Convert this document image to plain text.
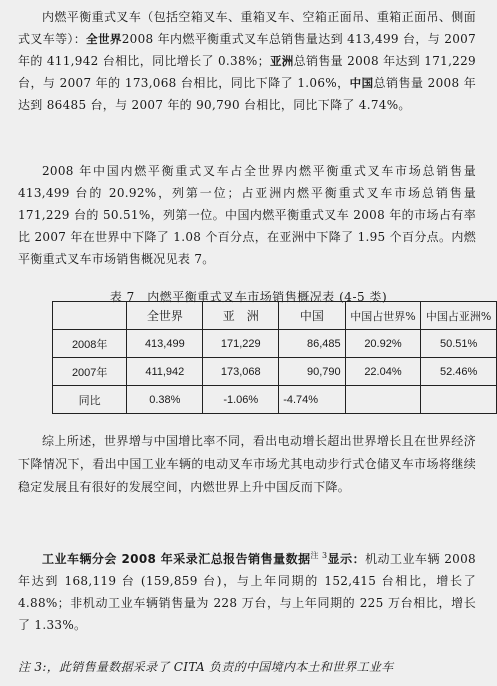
内燃平衡重式叉车（包括空箱叉车、重箱叉车、空箱正面吊、重箱正面吊、侧面式叉车等）：全世界2008 年内燃平衡重式叉车总销售量达到 413,499 台，与 2007 年的 411,942 台相比，同比增长了 0.38%；亚洲总销售量 2008 年达到 171,229 台，与 2007 年的 173,068 台相比，同比下降了 1.06%，中国总销售量 2008 年达到 86485 台，与 2007 年的 90,790 台相比，同比下降了 4.74%。

2008 年中国内燃平衡重式叉车占全世界内燃平衡重式叉车市场总销售量 413,499 台的 20.92%，列第一位；占亚洲内燃平衡重式叉车市场总销售量 171,229 台的 50.51%，列第一位。中国内燃平衡重式叉车 2008 年的市场占有率比 2007 年在世界中下降了 1.08 个百分点，在亚洲中下降了 1.95 个百分点。内燃平衡重式叉车市场销售概况见表 7。

表 7　内燃平衡重式叉车市场销售概况表 (4-5 类)
	全世界	亚　洲	中国	中国占世界%	中国占亚洲%
2008年	413,499	171,229	86,485	20.92%	50.51%
2007年	411,942	173,068	90,790	22.04%	52.46%
同比	0.38%	-1.06%	-4.74%		

综上所述，世界增与中国增比率不同，看出电动增长超出世界增长且在世界经济下降情况下，看出中国工业车辆的电动叉车市场尤其电动步行式仓储叉车市场将继续稳定发展且有很好的发展空间，内燃世界上升中国反而下降。

工业车辆分会 2008 年采录汇总报告销售量数据$^{注 3}$显示：机动工业车辆 2008 年达到 168,119 台 (159,859 台)，与上年同期的 152,415 台相比，增长了 4.88%；非机动工业车辆销售量为 228 万台，与上年同期的 225 万台相比，增长了 1.33%。

注 3:，此销售量数据采录了 CITA 负责的中国境内本土和世界工业车
